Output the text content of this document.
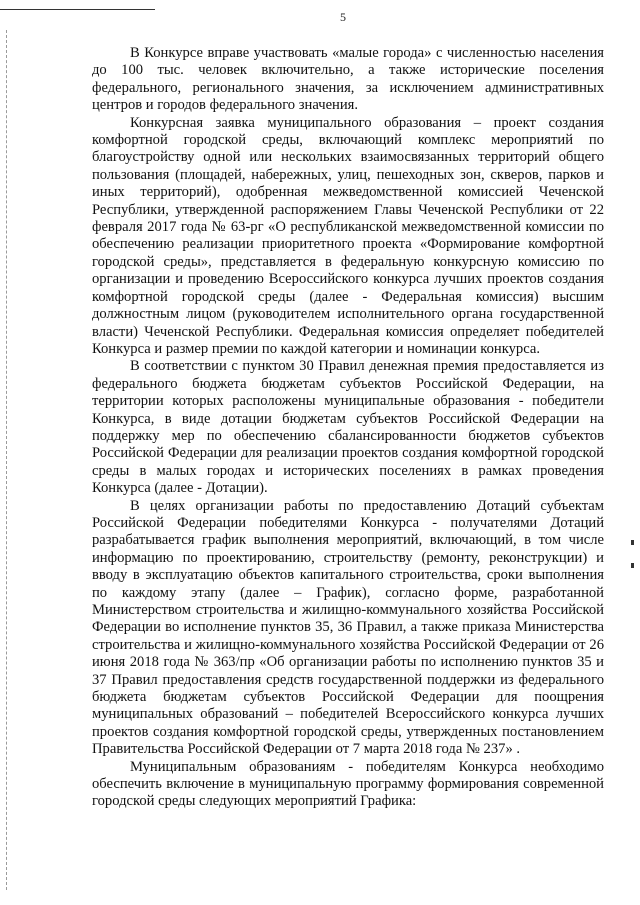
5

В Конкурсе вправе участвовать «малые города» с численностью населения до 100 тыс. человек включительно, а также исторические поселения федерального, регионального значения, за исключением административных центров и городов федерального значения.

Конкурсная заявка муниципального образования – проект создания комфортной городской среды, включающий комплекс мероприятий по благоустройству одной или нескольких взаимосвязанных территорий общего пользования (площадей, набережных, улиц, пешеходных зон, скверов, парков и иных территорий), одобренная межведомственной комиссией Чеченской Республики, утвержденной распоряжением Главы Чеченской Республики от 22 февраля 2017 года № 63-рг «О республиканской межведомственной комиссии по обеспечению реализации приоритетного проекта «Формирование комфортной городской среды», представляется в федеральную конкурсную комиссию по организации и проведению Всероссийского конкурса лучших проектов создания комфортной городской среды (далее - Федеральная комиссия) высшим должностным лицом (руководителем исполнительного органа государственной власти) Чеченской Республики. Федеральная комиссия определяет победителей Конкурса и размер премии по каждой категории и номинации конкурса.

В соответствии с пунктом 30 Правил денежная премия предоставляется из федерального бюджета бюджетам субъектов Российской Федерации, на территории которых расположены муниципальные образования - победители Конкурса, в виде дотации бюджетам субъектов Российской Федерации на поддержку мер по обеспечению сбалансированности бюджетов субъектов Российской Федерации для реализации проектов создания комфортной городской среды в малых городах и исторических поселениях в рамках проведения Конкурса (далее - Дотации).

В целях организации работы по предоставлению Дотаций субъектам Российской Федерации победителями Конкурса - получателями Дотаций разрабатывается график выполнения мероприятий, включающий, в том числе информацию по проектированию, строительству (ремонту, реконструкции) и вводу в эксплуатацию объектов капитального строительства, сроки выполнения по каждому этапу (далее – График), согласно форме, разработанной Министерством строительства и жилищно-коммунального хозяйства Российской Федерации во исполнение пунктов 35, 36 Правил, а также приказа Министерства строительства и жилищно-коммунального хозяйства Российской Федерации от 26 июня 2018 года № 363/пр «Об организации работы по исполнению пунктов 35 и 37 Правил предоставления средств государственной поддержки из федерального бюджета бюджетам субъектов Российской Федерации для поощрения муниципальных образований – победителей Всероссийского конкурса лучших проектов создания комфортной городской среды, утвержденных постановлением Правительства Российской Федерации от 7 марта 2018 года № 237» .

Муниципальным образованиям - победителям Конкурса необходимо обеспечить включение в муниципальную программу формирования современной городской среды следующих мероприятий Графика:
